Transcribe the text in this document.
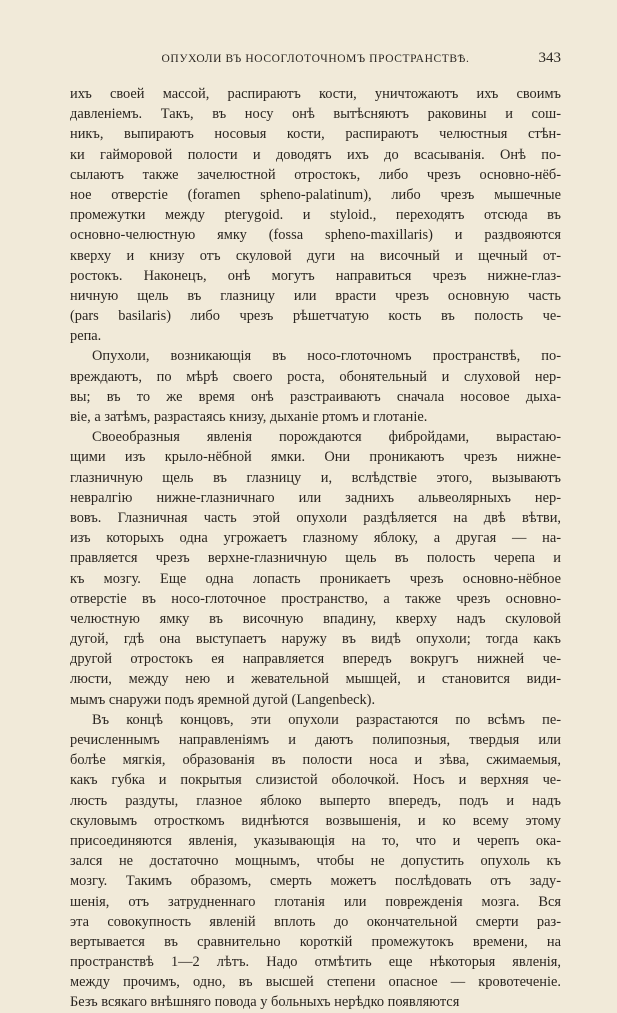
ОПУХОЛИ ВЪ НОСОГЛОТОЧНОМЪ ПРОСТРАНСТВѢ.	343
ихъ своей массой, распираютъ кости, уничтожаютъ ихъ своимъ
давленіемъ. Такъ, въ носу онѣ вытѣсняютъ раковины и сош-
никъ, выпираютъ носовыя кости, распираютъ челюстныя стѣн-
ки гайморовой полости и доводятъ ихъ до всасыванія. Онѣ по-
сылаютъ также зачелюстной отростокъ, либо чрезъ основно-нёб-
ное отверстіе (foramen spheno-palatinum), либо чрезъ мышечные
промежутки между pterygoid. и styloid., переходятъ отсюда въ
основно-челюстную ямку (fossa spheno-maxillaris) и раздвояются
кверху и книзу отъ скуловой дуги на височный и щечный от-
ростокъ. Наконецъ, онѣ могутъ направиться чрезъ нижне-глаз-
ничную щель въ глазницу или врасти чрезъ основную часть
(pars basilaris) либо чрезъ рѣшетчатую кость въ полость че-
репа.
Опухоли, возникающія въ носо-глоточномъ пространствѣ, по-
вреждаютъ, по мѣрѣ своего роста, обонятельный и слуховой нер-
вы; въ то же время онѣ разстраиваютъ сначала носовое дыха-
віе, а затѣмъ, разрастаясь книзу, дыханіе ртомъ и глотаніе.
Своеобразныя явленія порождаются фибройдами, вырастаю-
щими изъ крыло-нёбной ямки. Они проникаютъ чрезъ нижне-
глазничную щель въ глазницу и, вслѣдствіе этого, вызываютъ
невралгію нижне-глазничнаго или заднихъ альвеолярныхъ нер-
вовъ. Глазничная часть этой опухоли раздѣляется на двѣ вѣтви,
изъ которыхъ одна угрожаетъ глазному яблоку, а другая — на-
правляется чрезъ верхне-глазничную щель въ полость черепа и
къ мозгу. Еще одна лопасть проникаетъ чрезъ основно-нёбное
отверстіе въ носо-глоточное пространство, а также чрезъ основно-
челюстную ямку въ височную впадину, кверху надъ скуловой
дугой, гдѣ она выступаетъ наружу въ видѣ опухоли; тогда какъ
другой отростокъ ея направляется впередъ вокругъ нижней че-
люсти, между нею и жевательной мышцей, и становится види-
мымъ снаружи подъ яремной дугой (Langenbeck).
Въ концѣ концовъ, эти опухоли разрастаются по всѣмъ пе-
речисленнымъ направленіямъ и даютъ полипозныя, твердыя или
болѣе мягкія, образованія въ полости носа и зѣва, сжимаемыя,
какъ губка и покрытыя слизистой оболочкой. Носъ и верхняя че-
люсть раздуты, глазное яблоко выперто впередъ, подъ и надъ
скуловымъ отросткомъ виднѣются возвышенія, и ко всему этому
присоединяются явленія, указывающія на то, что и черепъ ока-
зался не достаточно мощнымъ, чтобы не допустить опухоль къ
мозгу. Такимъ образомъ, смерть можетъ послѣдовать отъ заду-
шенія, отъ затрудненнаго глотанія или поврежденія мозга. Вся
эта совокупность явленій вплоть до окончательной смерти раз-
вертывается въ сравнительно короткій промежутокъ времени, на
пространствѣ 1—2 лѣтъ. Надо отмѣтить еще нѣкоторыя явленія,
между прочимъ, одно, въ высшей степени опасное — кровотеченіе.
Безъ всякаго внѣшняго повода у больныхъ нерѣдко появляются
